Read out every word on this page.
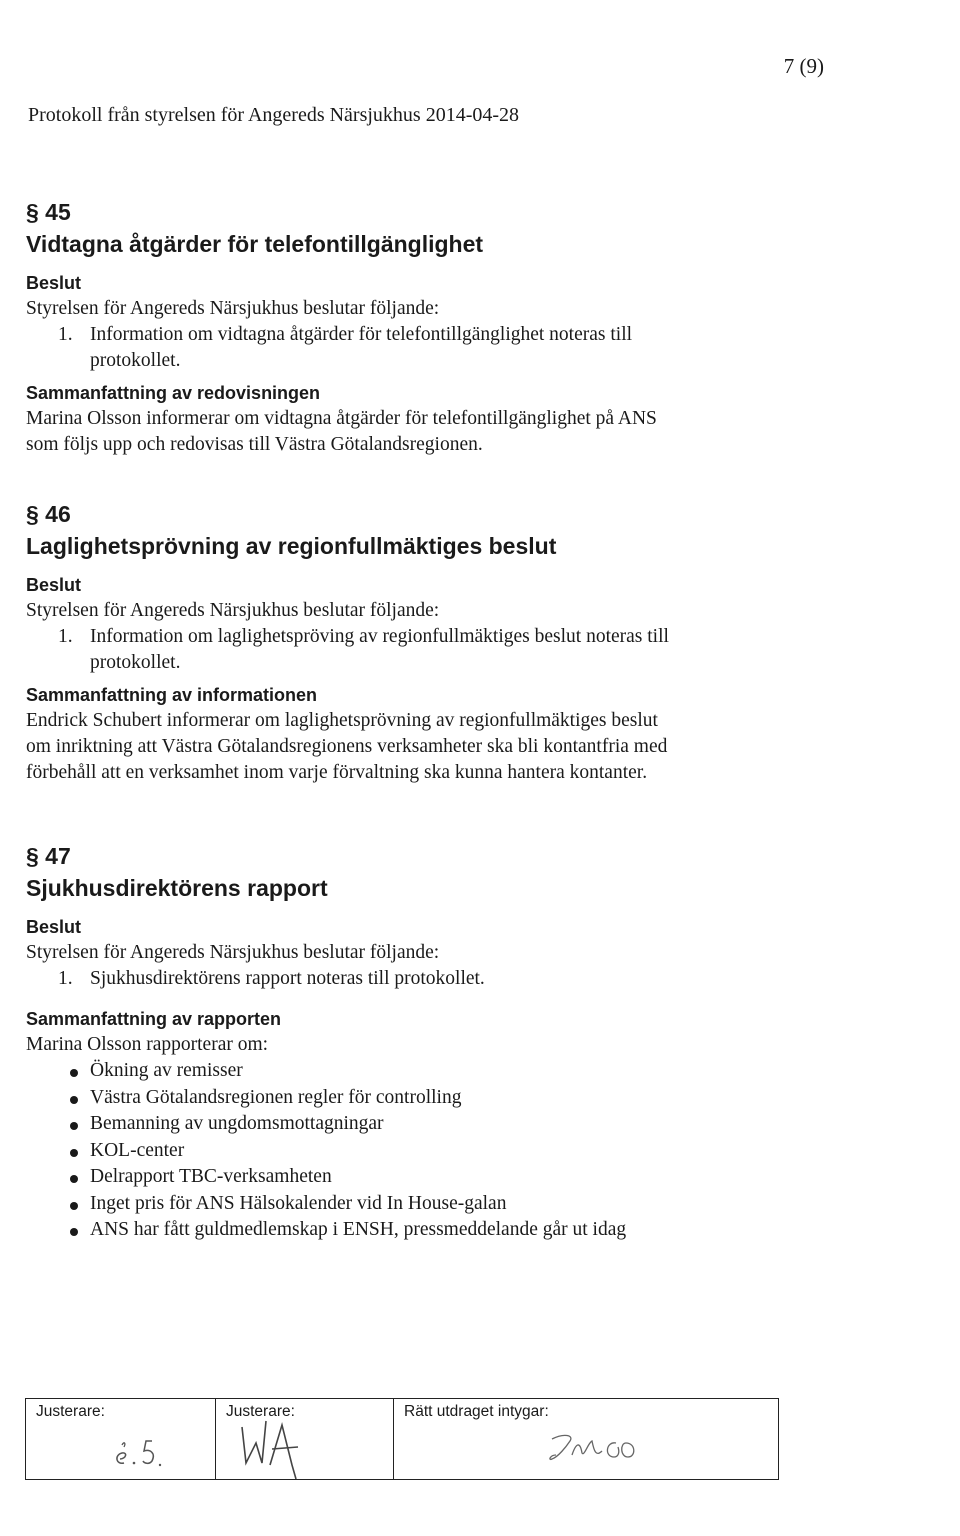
7 (9)
Protokoll från styrelsen för Angereds Närsjukhus 2014-04-28
§ 45
Vidtagna åtgärder för telefontillgänglighet
Beslut
Styrelsen för Angereds Närsjukhus beslutar följande:
1. Information om vidtagna åtgärder för telefontillgänglighet noteras till
protokollet.
Sammanfattning av redovisningen
Marina Olsson informerar om vidtagna åtgärder för telefontillgänglighet på ANS
som följs upp och redovisas till Västra Götalandsregionen.
§ 46
Laglighetsprövning av regionfullmäktiges beslut
Beslut
Styrelsen för Angereds Närsjukhus beslutar följande:
1. Information om laglighetspröving av regionfullmäktiges beslut noteras till
protokollet.
Sammanfattning av informationen
Endrick Schubert informerar om laglighetsprövning av regionfullmäktiges beslut
om inriktning att Västra Götalandsregionens verksamheter ska bli kontantfria med
förbehåll att en verksamhet inom varje förvaltning ska kunna hantera kontanter.
§ 47
Sjukhusdirektörens rapport
Beslut
Styrelsen för Angereds Närsjukhus beslutar följande:
1. Sjukhusdirektörens rapport noteras till protokollet.
Sammanfattning av rapporten
Marina Olsson rapporterar om:
Ökning av remisser
Västra Götalandsregionen regler för controlling
Bemanning av ungdomsmottagningar
KOL-center
Delrapport TBC-verksamheten
Inget pris för ANS Hälsokalender vid In House-galan
ANS har fått guldmedlemskap i ENSH, pressmeddelande går ut idag
Justerare:	Justerare:	Rätt utdraget intygar:
